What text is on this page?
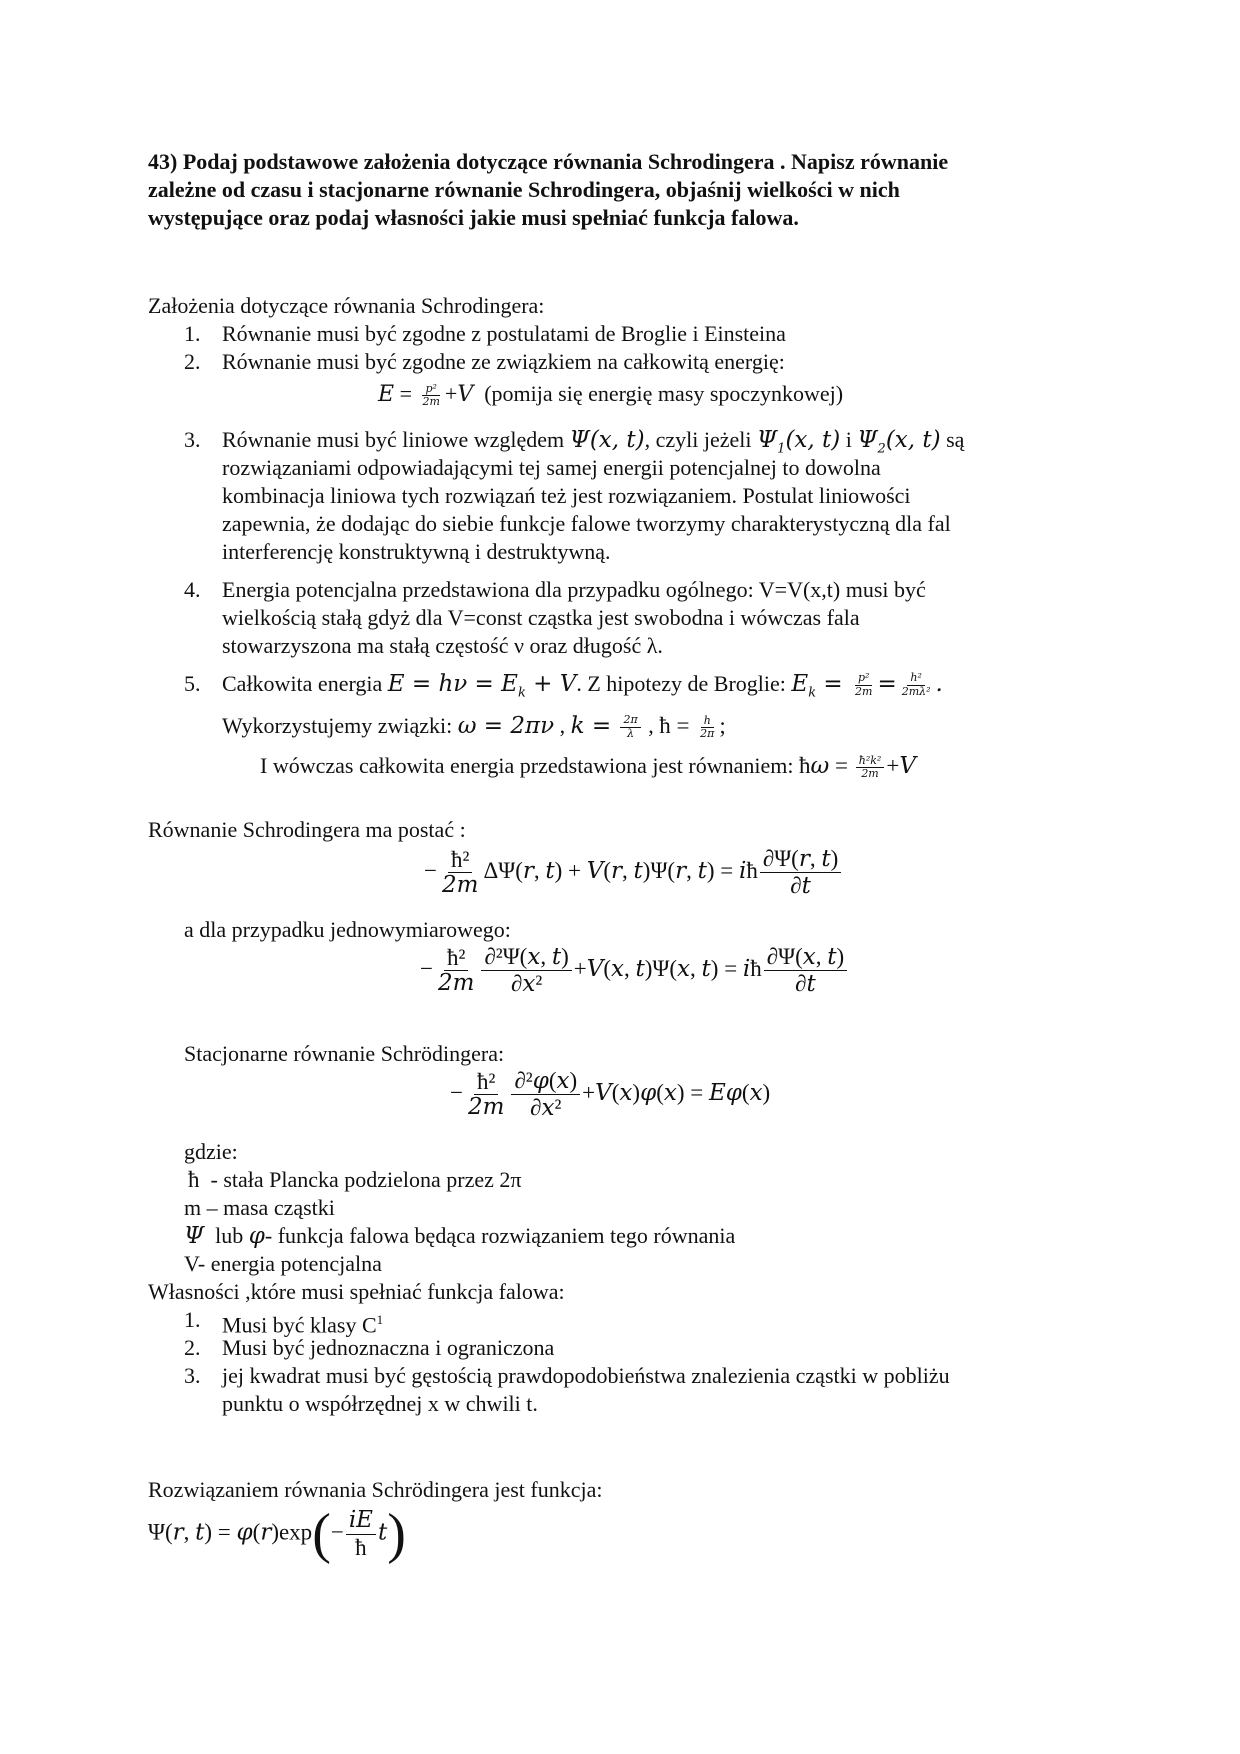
43) Podaj podstawowe założenia dotyczące równania Schrodingera . Napisz równanie
zależne od czasu i stacjonarne równanie Schrodingera, objaśnij wielkości w nich
występujące oraz podaj własności jakie musi spełniać funkcja falowa.
Założenia dotyczące równania Schrodingera:
1. Równanie musi być zgodne z postulatami de Broglie i Einsteina
2. Równanie musi być zgodne ze związkiem na całkowitą energię:
$E = \frac{\text{p²}}{2m} +V$ (pomija się energię masy spoczynkowej)
3. Równanie musi być liniowe względem Ψ(x, t), czyli jeżeli $\Psi_1(x$, t) i $\Psi_2(x$, t) są
rozwiązaniami odpowiadającymi tej samej energii potencjalnej to dowolna
kombinacja liniowa tych rozwiązań też jest rozwiązaniem. Postulat liniowości
zapewnia, że dodając do siebie funkcje falowe tworzymy charakterystyczną dla fal
interferencję konstruktywną i destruktywną.
4. Energia potencjalna przedstawiona dla przypadku ogólnego: V=V(x,t) musi być
wielkością stałą gdyż dla V=const cząstka jest swobodna i wówczas fala
stowarzyszona ma stałą częstość ν oraz długość λ.
5. Całkowita energia $E = h\nu = E_k + V$. Z hipotezy de Broglie: $E_k = \frac{\text{p²}}{2m} = \frac{\text{h²}}{\text{2mλ²}}$ .
Wykorzystujemy związki: ω = 2πν , $k = \frac{2\pi}{\lambda}$ , ħ = $\frac{h}{2\pi}$ ;
I wówczas całkowita energia przedstawiona jest równaniem: ħω = $\frac{\text{ħ²k²}}{2m} +V$
Równanie Schrodingera ma postać :
− $\frac{\text{ħ²}}{2m} \Delta\Psi(r$, t) + V(r, t)Ψ(r, t) = iħ $\frac{\partial\Psi(r, t)}{\partial t}$
a dla przypadku jednowymiarowego:
− $\frac{\text{ħ²}}{2m} \frac{\text{∂²Ψ(x, t)}}{\text{∂x²}} +V(x$, t)Ψ(x, t) = iħ $\frac{\partial\Psi(x, t)}{\partial t}$
Stacjonarne równanie Schrödingera:
− $\frac{\text{ħ²}}{2m} \frac{\text{∂²φ(x)}}{\text{∂x²}} +V(x)\varphi(x) = E\varphi(x)$
gdzie:
ħ - stała Plancka podzielona przez 2π
m – masa cząstki
Ψ lub φ- funkcja falowa będąca rozwiązaniem tego równania
V- energia potencjalna
Własności ,które musi spełniać funkcja falowa:
1. Musi być klasy $C^1$
2. Musi być jednoznaczna i ograniczona
3. jej kwadrat musi być gęstością prawdopodobieństwa znalezienia cząstki w pobliżu
punktu o współrzędnej x w chwili t.
Rozwiązaniem równania Schrödingera jest funkcja:
Ψ(r, $t) = \varphi(r)\exp(- \frac{iE}{ħ} t)$
